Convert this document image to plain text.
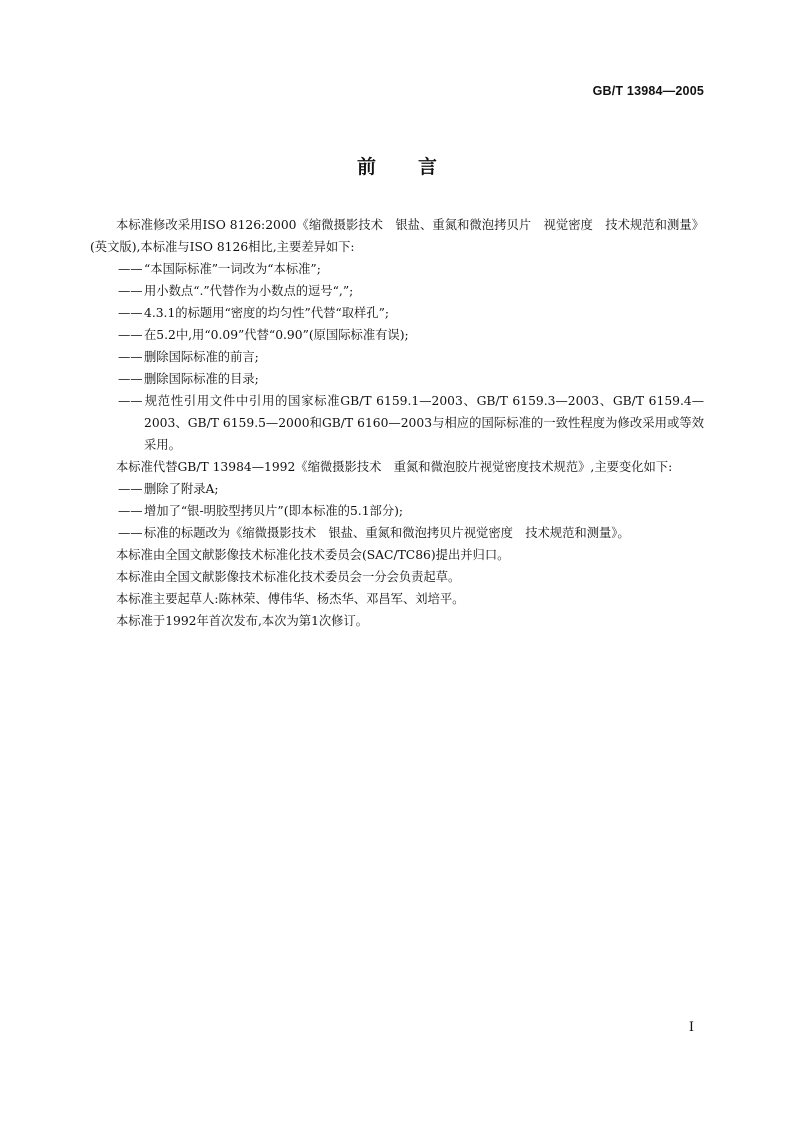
GB/T 13984—2005
前言

本标准修改采用ISO 8126:2000《缩微摄影技术　银盐、重氮和微泡拷贝片　视觉密度　技术规范和测量》(英文版),本标准与ISO 8126相比,主要差异如下:

——“本国际标准”一词改为“本标准”;

——用小数点“.”代替作为小数点的逗号“,”;

——4.3.1的标题用“密度的均匀性”代替“取样孔”;

——在5.2中,用“0.09”代替“0.90”(原国际标准有误);

——删除国际标准的前言;

——删除国际标准的目录;

——规范性引用文件中引用的国家标准GB/T 6159.1—2003、GB/T 6159.3—2003、GB/T 6159.4—2003、GB/T 6159.5—2000和GB/T 6160—2003与相应的国际标准的一致性程度为修改采用或等效采用。

本标准代替GB/T 13984—1992《缩微摄影技术　重氮和微泡胶片视觉密度技术规范》,主要变化如下:

——删除了附录A;

——增加了“银-明胶型拷贝片”(即本标准的5.1部分);

——标准的标题改为《缩微摄影技术　银盐、重氮和微泡拷贝片视觉密度　技术规范和测量》。

本标准由全国文献影像技术标准化技术委员会(SAC/TC86)提出并归口。

本标准由全国文献影像技术标准化技术委员会一分会负责起草。

本标准主要起草人:陈林荣、傅伟华、杨杰华、邓昌军、刘培平。

本标准于1992年首次发布,本次为第1次修订。

I
